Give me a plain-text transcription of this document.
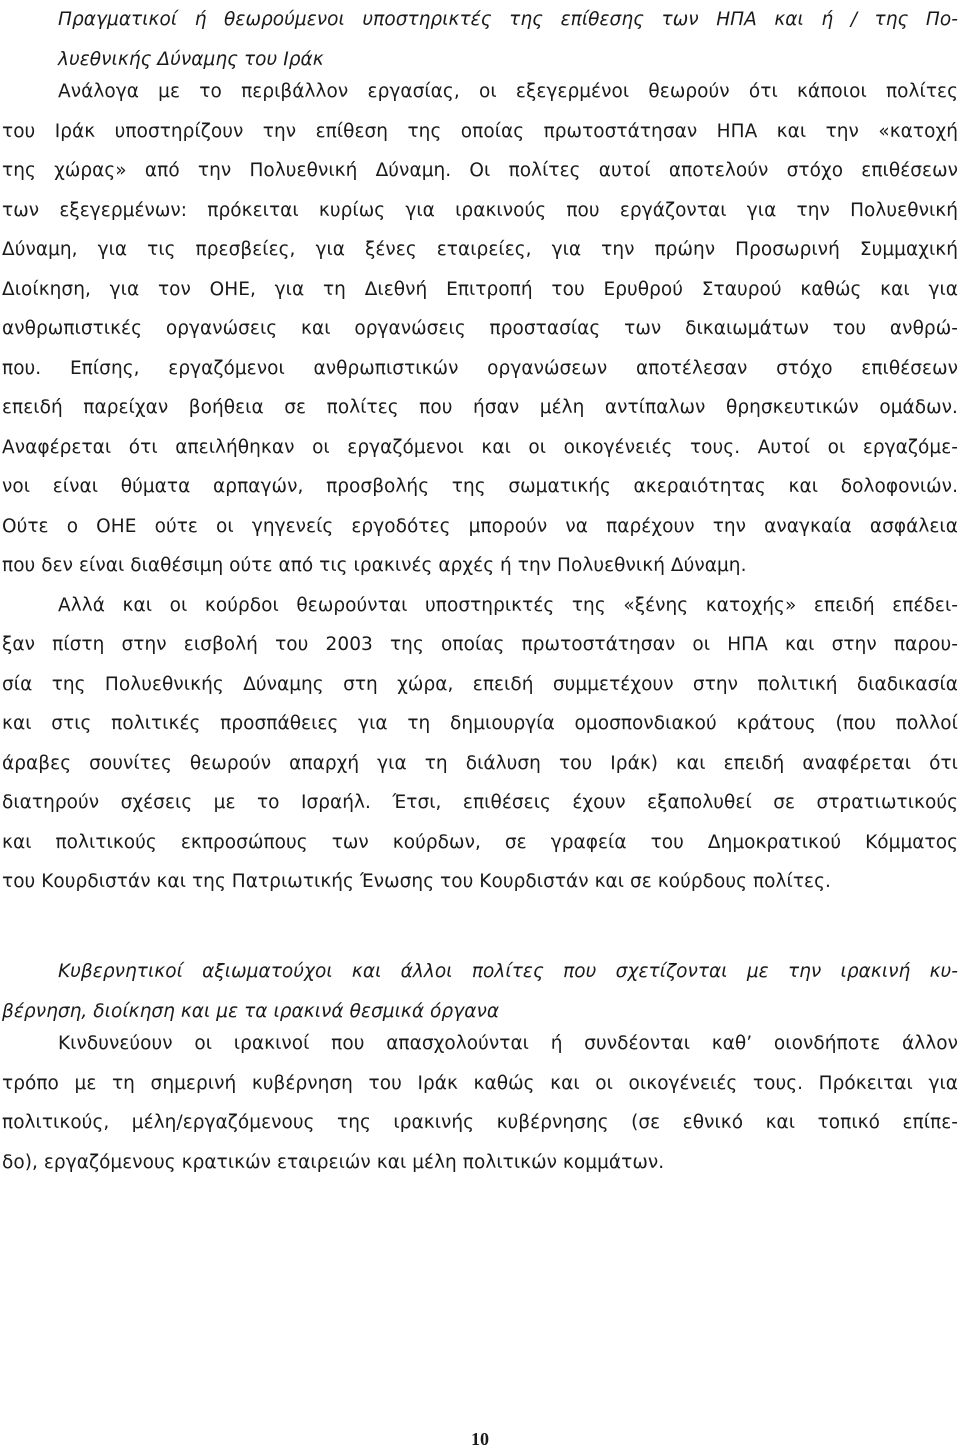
Πραγματικοί ή θεωρούμενοι υποστηρικτές της επίθεσης των ΗΠΑ και ή / της Πο-
λυεθνικής Δύναμης του Ιράκ
Ανάλογα με το περιβάλλον εργασίας, οι εξεγερμένοι θεωρούν ότι κάποιοι πολίτες
του Ιράκ υποστηρίζουν την επίθεση της οποίας πρωτοστάτησαν ΗΠΑ και την «κατοχή
της χώρας» από την Πολυεθνική Δύναμη. Οι πολίτες αυτοί αποτελούν στόχο επιθέσεων
των εξεγερμένων: πρόκειται κυρίως για ιρακινούς που εργάζονται για την Πολυεθνική
Δύναμη, για τις πρεσβείες, για ξένες εταιρείες, για την πρώην Προσωρινή Συμμαχική
Διοίκηση, για τον ΟΗΕ, για τη Διεθνή Επιτροπή του Ερυθρού Σταυρού καθώς και για
ανθρωπιστικές οργανώσεις και οργανώσεις προστασίας των δικαιωμάτων του ανθρώ-
που. Επίσης, εργαζόμενοι ανθρωπιστικών οργανώσεων αποτέλεσαν στόχο επιθέσεων
επειδή παρείχαν βοήθεια σε πολίτες που ήσαν μέλη αντίπαλων θρησκευτικών ομάδων.
Αναφέρεται ότι απειλήθηκαν οι εργαζόμενοι και οι οικογένειές τους. Αυτοί οι εργαζόμε-
νοι είναι θύματα αρπαγών, προσβολής της σωματικής ακεραιότητας και δολοφονιών.
Ούτε ο ΟΗΕ ούτε οι γηγενείς εργοδότες μπορούν να παρέχουν την αναγκαία ασφάλεια
που δεν είναι διαθέσιμη ούτε από τις ιρακινές αρχές ή την Πολυεθνική Δύναμη.
Αλλά και οι κούρδοι θεωρούνται υποστηρικτές της «ξένης κατοχής» επειδή επέδει-
ξαν πίστη στην εισβολή του 2003 της οποίας πρωτοστάτησαν οι ΗΠΑ και στην παρου-
σία της Πολυεθνικής Δύναμης στη χώρα, επειδή συμμετέχουν στην πολιτική διαδικασία
και στις πολιτικές προσπάθειες για τη δημιουργία ομοσπονδιακού κράτους (που πολλοί
άραβες σουνίτες θεωρούν απαρχή για τη διάλυση του Ιράκ) και επειδή αναφέρεται ότι
διατηρούν σχέσεις με το Ισραήλ. Έτσι, επιθέσεις έχουν εξαπολυθεί σε στρατιωτικούς
και πολιτικούς εκπροσώπους των κούρδων, σε γραφεία του Δημοκρατικού Κόμματος
του Κουρδιστάν και της Πατριωτικής Ένωσης του Κουρδιστάν και σε κούρδους πολίτες.
Κυβερνητικοί αξιωματούχοι και άλλοι πολίτες που σχετίζονται με την ιρακινή κυ-
βέρνηση, διοίκηση και με τα ιρακινά θεσμικά όργανα
Κινδυνεύουν οι ιρακινοί που απασχολούνται ή συνδέονται καθ’ οιονδήποτε άλλον
τρόπο με τη σημερινή κυβέρνηση του Ιράκ καθώς και οι οικογένειές τους. Πρόκειται για
πολιτικούς, μέλη/εργαζόμενους της ιρακινής κυβέρνησης (σε εθνικό και τοπικό επίπε-
δο), εργαζόμενους κρατικών εταιρειών και μέλη πολιτικών κομμάτων.
10
